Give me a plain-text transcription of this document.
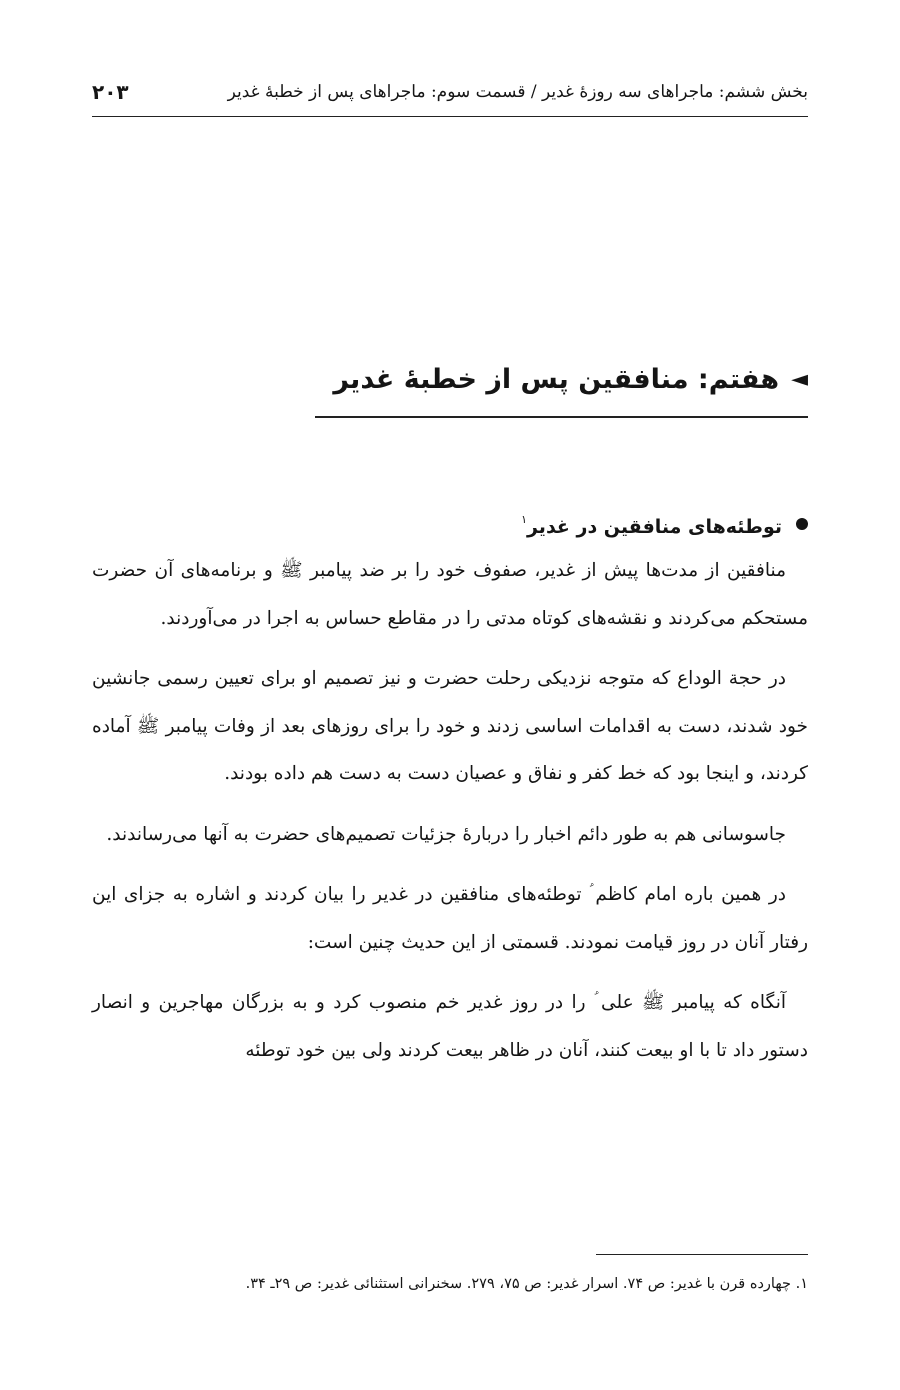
بخش ششم: ماجراهای سه روزهٔ غدیر / قسمت سوم: ماجراهای پس از خطبهٔ غدیر
۲۰۳
◄
هفتم: منافقین پس از خطبهٔ غدیر
توطئه‌های منافقین در غدیر$^۱$

منافقین از مدت‌ها پیش از غدیر، صفوف خود را بر ضد پیامبر ﷺ و برنامه‌های آن حضرت مستحکم می‌کردند و نقشه‌های کوتاه مدتی را در مقاطع حساس به اجرا در می‌آوردند.

در حجة الوداع که متوجه نزدیکی رحلت حضرت و نیز تصمیم او برای تعیین رسمی جانشین خود شدند، دست به اقدامات اساسی زدند و خود را برای روزهای بعد از وفات پیامبر ﷺ آماده کردند، و اینجا بود که خط کفر و نفاق و عصیان دست به دست هم داده بودند.

جاسوسانی هم به طور دائم اخبار را دربارهٔ جزئیات تصمیم‌های حضرت به آنها می‌رساندند.

در همین باره امام کاظم ؑ توطئه‌های منافقین در غدیر را بیان کردند و اشاره به جزای این رفتار آنان در روز قیامت نمودند. قسمتی از این حدیث چنین است:

آنگاه که پیامبر ﷺ علی ؑ را در روز غدیر خم منصوب کرد و به بزرگان مهاجرین و انصار دستور داد تا با او بیعت کنند، آنان در ظاهر بیعت کردند ولی بین خود توطئه

۱. چهارده قرن با غدیر: ص ۷۴. اسرار غدیر: ص ۷۵، ۲۷۹. سخنرانی استثنائی غدیر: ص ۲۹ـ ۳۴.
